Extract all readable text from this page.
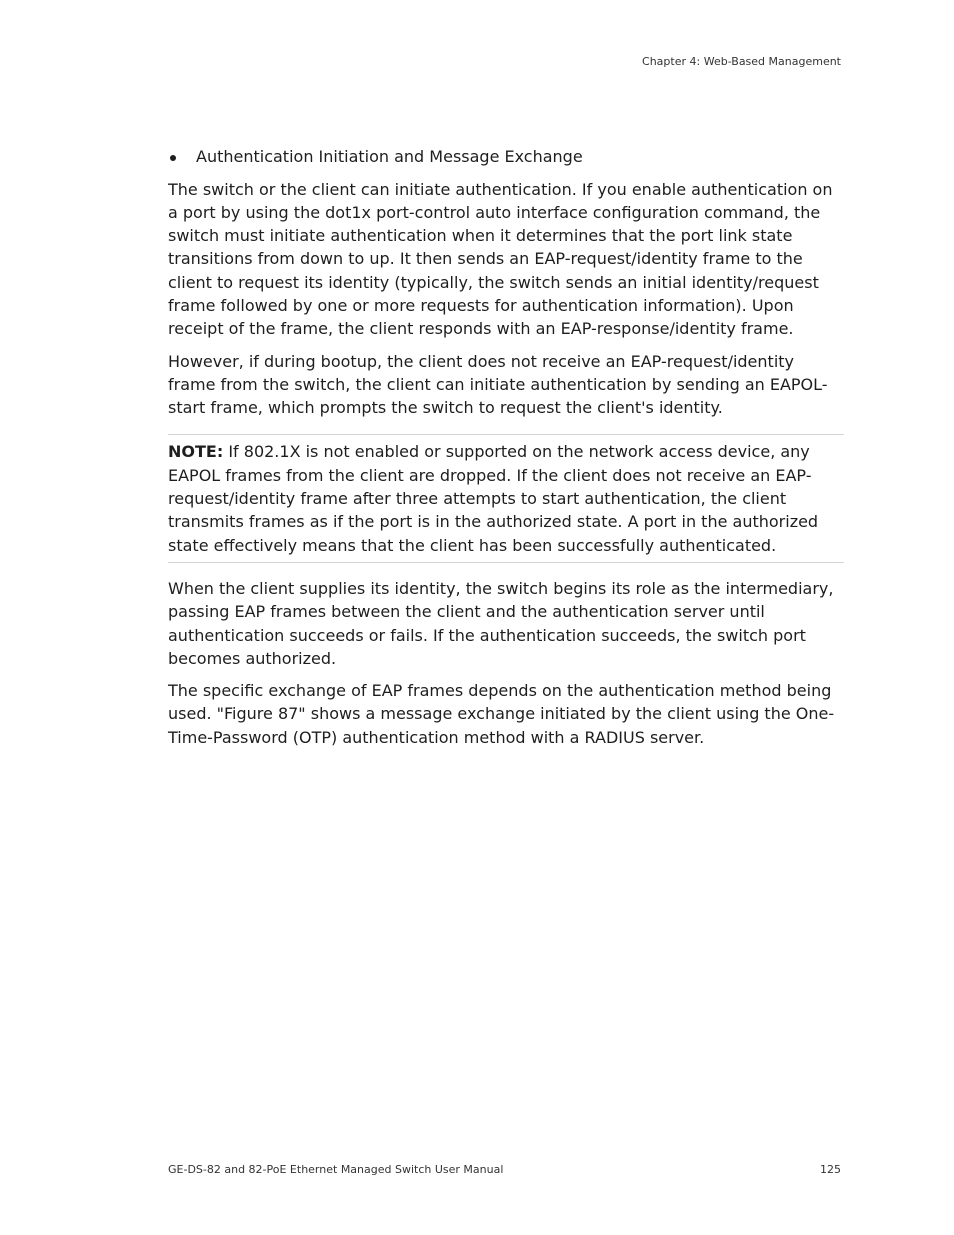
Chapter 4: Web-Based Management
Authentication Initiation and Message Exchange

The switch or the client can initiate authentication. If you enable authentication on a port by using the dot1x port-control auto interface configuration command, the switch must initiate authentication when it determines that the port link state transitions from down to up. It then sends an EAP-request/identity frame to the client to request its identity (typically, the switch sends an initial identity/request frame followed by one or more requests for authentication information). Upon receipt of the frame, the client responds with an EAP-response/identity frame.

However, if during bootup, the client does not receive an EAP-request/identity frame from the switch, the client can initiate authentication by sending an EAPOL-start frame, which prompts the switch to request the client's identity.

NOTE: If 802.1X is not enabled or supported on the network access device, any EAPOL frames from the client are dropped. If the client does not receive an EAP-request/identity frame after three attempts to start authentication, the client transmits frames as if the port is in the authorized state. A port in the authorized state effectively means that the client has been successfully authenticated.

When the client supplies its identity, the switch begins its role as the intermediary, passing EAP frames between the client and the authentication server until authentication succeeds or fails. If the authentication succeeds, the switch port becomes authorized.

The specific exchange of EAP frames depends on the authentication method being used. "Figure 87" shows a message exchange initiated by the client using the One-Time-Password (OTP) authentication method with a RADIUS server.

GE-DS-82 and 82-PoE Ethernet Managed Switch User Manual	125
